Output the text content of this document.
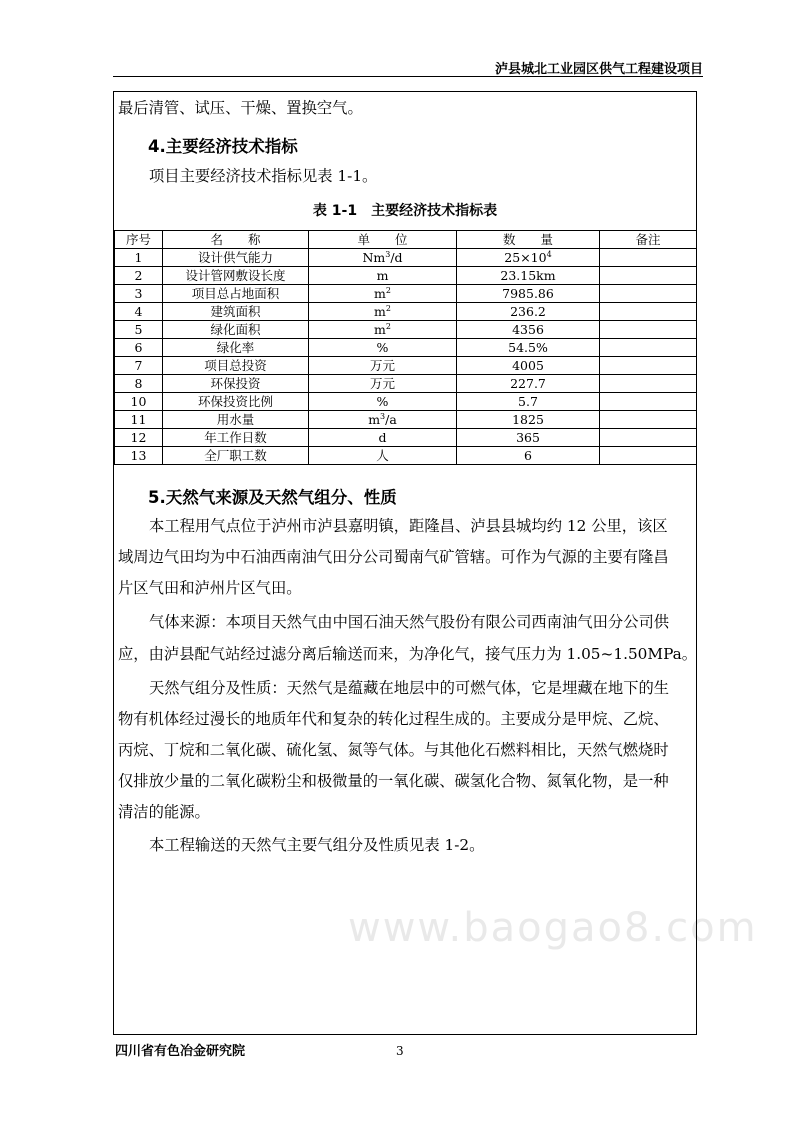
泸县城北工业园区供气工程建设项目
www.baogao8.com
最后清管、试压、干燥、置换空气。
4.主要经济技术指标
项目主要经济技术指标见表 1-1。
表 1-1　主要经济技术指标表
序号	名　　称	单　　位	数　　量	备注
1	设计供气能力	Nm$^3$/d	$25\times 10^4$	
2	设计管网敷设长度	m	23.15km	
3	项目总占地面积	$m^2$	7985.86	
4	建筑面积	$m^2$	236.2	
5	绿化面积	$m^2$	4356	
6	绿化率	%	54.5%	
7	项目总投资	万元	4005	
8	环保投资	万元	227.7	
10	环保投资比例	%	5.7	
11	用水量	$m^3/a$	1825	
12	年工作日数	d	365	
13	全厂职工数	人	6	
5.天然气来源及天然气组分、性质
本工程用气点位于泸州市泸县嘉明镇，距隆昌、泸县县城均约 12 公里，该区
域周边气田均为中石油西南油气田分公司蜀南气矿管辖。可作为气源的主要有隆昌
片区气田和泸州片区气田。
气体来源：本项目天然气由中国石油天然气股份有限公司西南油气田分公司供
应，由泸县配气站经过滤分离后输送而来，为净化气，接气压力为 1.05~1.50MPa。
天然气组分及性质：天然气是蕴藏在地层中的可燃气体，它是埋藏在地下的生
物有机体经过漫长的地质年代和复杂的转化过程生成的。主要成分是甲烷、乙烷、
丙烷、丁烷和二氧化碳、硫化氢、氮等气体。与其他化石燃料相比，天然气燃烧时
仅排放少量的二氧化碳粉尘和极微量的一氧化碳、碳氢化合物、氮氧化物，是一种
清洁的能源。
本工程输送的天然气主要气组分及性质见表 1-2。
四川省有色冶金研究院	3
